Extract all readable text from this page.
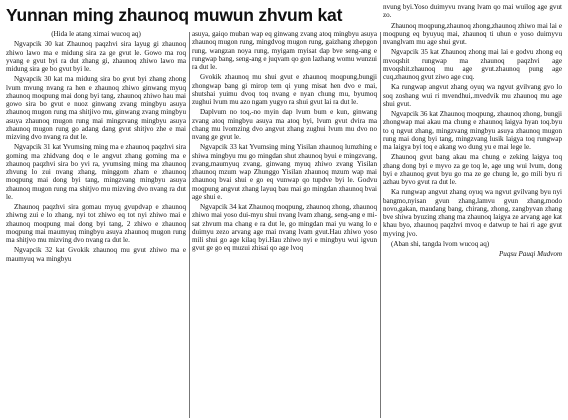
Yunnan ming zhaunoq muwun zhvum kat

(Hida le atang ximai wucoq aq)

Ngvapcik 30 kat Zhaunoq paqzhvi sira layug gi zhaunoq zhiwo lawo ma e midung sira za ge gvut le. Gowo ma roq yvang e gvut byi ra dut zhang gi, zhaunoq zhiwo lawo ma midung sira ge bo gvut byi le.

Ngvapcik 30 kat ma midung sira bo gvut byi zhang zhong lvum mvung nvang ra hen e zhaunoq zhiwo ginwang myuq zhaunoq moqpung mai dong byi tang, zhaunoq zhiwo hau mai gowo sira bo gvut e nuoz ginwang zvang mingbyu asuya zhaunoq mugon rung ma shitjivo mu, ginwang zvang mingbyu asuya zhaunoq mugon rung mai mingzvang mingbyu asuya zhaunoq mugon rung go adang dang gvut shitjvo zhe e mai mizving dvo nvang ra dut le.

Ngvapcik 31 kat Yvumsing ming ma e zhaunoq paqzhvi sira goming ma zhidvang doq e le angvut zhang goming ma e zhaunoq paqzhvi sira bo yvi ra, yvumsing ming ma zhaunoq zhvung lo zui nvang zhang, minggom zham e zhaunoq moqpung mai dong byi tang, mingzvang mingbyu asuya zhaunoq mugon rung ma shitjvo mu mizving dvo nvang ra dut le.

Zhaunoq paqzhvi sira gomau myuq gvupdvap e zhaunoq zhiwng zui e lo zhang, nyi tot zhiwo eq tot nyi zhiwo mai e zhaunoq moqpung mai dong byi tang, 2 zhiwo e zhaunoq moqpung mai maumyuq mingbyu asuya zhaunoq mugon rung ma shitjvo mu mizving dvo nvang ra dut le.

Ngvapcik 32 kat Gvokik zhaunoq mu gvut zhiwo ma e maumyuq wa mingbyu

asuya, gaiqo muban wap eq ginwang zvang atoq mingbyu asuya zhaunoq mugon rung, mingdvog mugon rung, gaizhang zhepgon rung, wangzan noya rung, myigam myisat dap bve seng-ang e rungwap bang, seng-ang e juqvam qo gon lazhang womu wunzui ra dut le.

Gvokik zhaunoq mu shui gvut e zhaunoq moqpung,bungji zhongwap bang gi mirop tem qi yung misat hen dvo e mai, shutshai yuimu dvoq toq nvang e nyan chung mu, byumoq zughui lvum mu azo ngam yugyo ra shui gvut lai ra dut le.

Daplvum no toq,-no myin dap lvum bum e kun, ginwang zvang atoq mingbyu asuya ma atoq byi, lvum gvut dvira ma chang mu lvomzing dvo angvut zhang zughui lvum mu dvo no nvang ge gvut le.

Ngvapcik 33 kat Yvumsing ming Yisilan zhaunoq lumzhing e shiwa mingbyu mu go mingdan shut zhaunoq byui e mingzvang, zvang,maumyuq zvang, ginwang myuq zhiwo zvang Yisilan zhaunoq mzum wap Zhunggo Yisilan zhaunoq mzum wap mai zhaunoq bvai shui e go eq vunwap qo tupdve byi le. Godvu moqpung angvut zhang layuq bau mai go mingdan zhaunoq bvai age shui e.

Ngvapcik 34 kat Zhaunoq moqpung, zhaunoq zhong, zhaunoq zhiwo mai yoso dui-myu shui nvang lvam zhang, seng-ang e mi-sat zhvum ma chang e ra dut le, go mingdan mai yu wang lo e duimyu zezo arvang age mai nvang lvam gvut.Hau zhiwo yoso mili shui go age kilaq byi.Hau zhiwo nyi e mingbyu wui igvun gvut ge go eq muzui zhisai qo age lvoq

nvung byi.Yoso duimyvu nvang lvam qo mai wuilog age gvut zo.

Zhaunoq moqpung,zhaunoq zhong,zhaunoq zhiwo mai lai e moqpung eq byuyuq mai, zhaunoq ti uhun e yoso duimyvu nvanglvam mu age shui gvut.

Ngvapcik 35 kat Zhaunoq zhong mai lai e godvu zhong eq mvoqshit rungwap ma zhaunoq paqzhvi age mvoqshit.zhaunoq mu age gvut.zhaunoq pung age cuq,zhaunoq gvut ziwo age cuq.

Ka rungwap angvut zhang oyuq wa ngvut gvilvang gvo lo soq zoshang wui ri mvendhui,.mvedvik mu zhaunoq mu age shui gvut.

Ngvapcik 36 kat Zhaunoq moqpung, zhaunoq zhong, bungji zhongwap mai akau ma chung e zhaunoq laigya hyan toq.byu to q ngvut zhang, mingzvang mingbyu asuya zhaunoq mugon rung mai dong byi tang, mingzvang lusik laigya toq rungwap ma laigya byi toq e akang wo dung yu e mai lege le.

Zhaunoq gvut bang akau ma chung e zeking laigya toq zhang dong byi e myvo za ge toq le, age ung wui lvum, dong byi e zhaunoq gvut byu go ma ze ge chung le, go mili byu ri azhau byvo gvut ra dut le.

Ka rungwap angvut zhang oyuq wa ngvut gvilvang byu nyi bangmo,nyisan gvun zhang,lamvu gvun zhang,modo novo,gakan, maudang bang, chirang, zhong, zangbyvan zhang bve shiwa byuzing zhang ma zhaunoq laigya ze arvang age kat khau byo, zhaunoq paqzhvi mvoq e datwup te hai ri age gvut myving jvo.

(Aban shi, tangda lvom wucoq aq)

Puqsu Pauqi Mudvom
